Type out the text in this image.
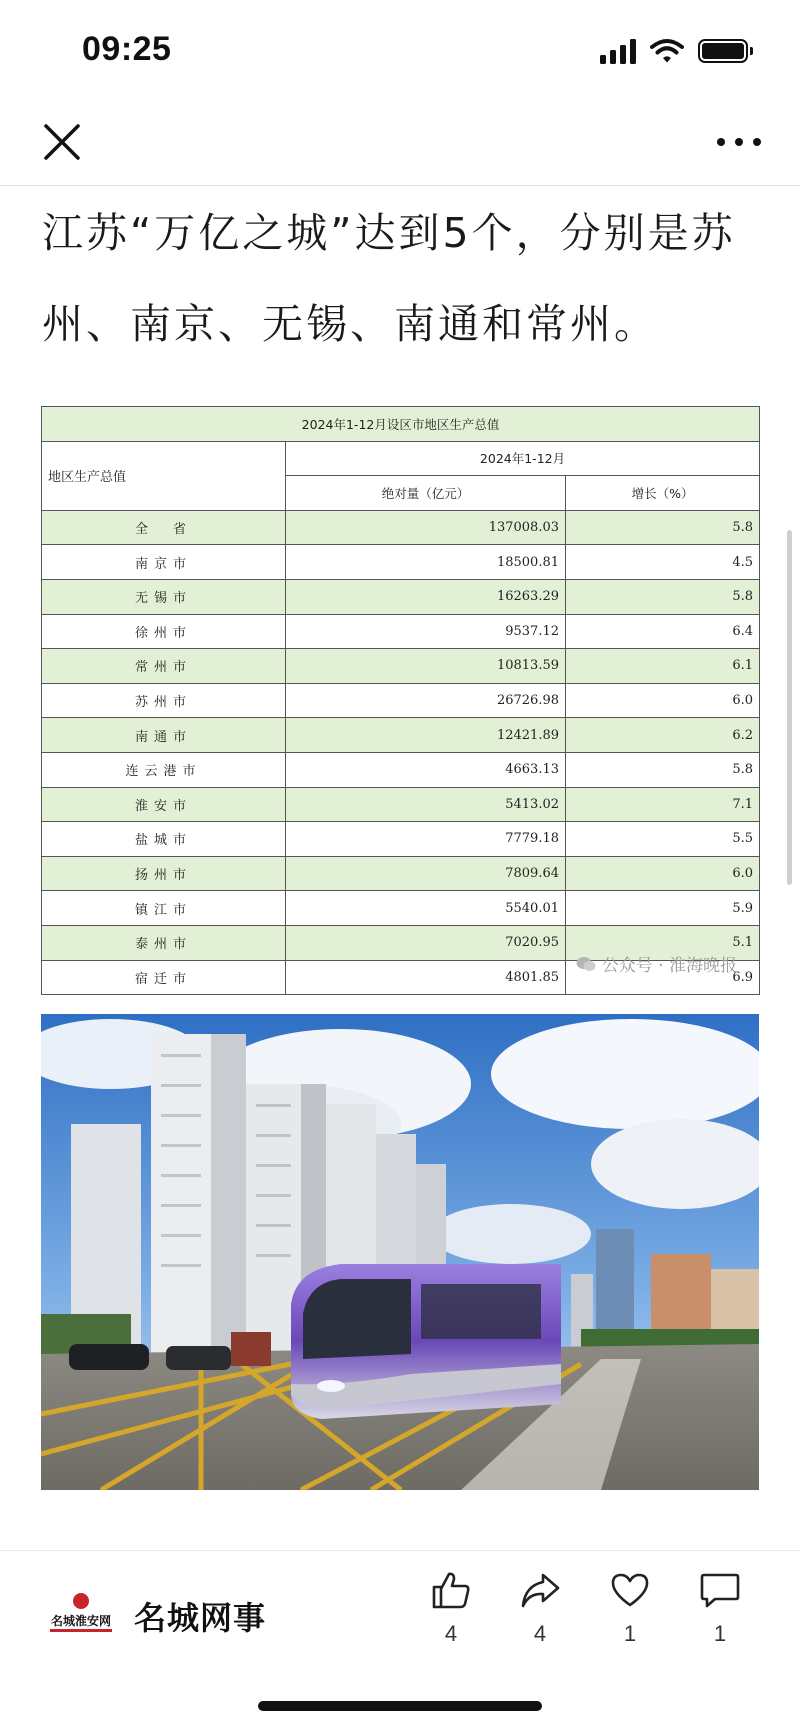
09:25
江苏“万亿之城”达到5个，分别是苏
州、南京、无锡、南通和常州。
2024年1-12月设区市地区生产总值		
地区生产总值	2024年1-12月	
	绝对量（亿元）	增长（%）
全　省	137008.03	5.8
南京市	18500.81	4.5
无锡市	16263.29	5.8
徐州市	9537.12	6.4
常州市	10813.59	6.1
苏州市	26726.98	6.0
南通市	12421.89	6.2
连云港市	4663.13	5.8
淮安市	5413.02	7.1
盐城市	7779.18	5.5
扬州市	7809.64	6.0
镇江市	5540.01	5.9
泰州市	7020.95	5.1
宿迁市	4801.85	6.9
公众号 · 淮海晚报
名城淮安网 名城网事	4	4	1	1
